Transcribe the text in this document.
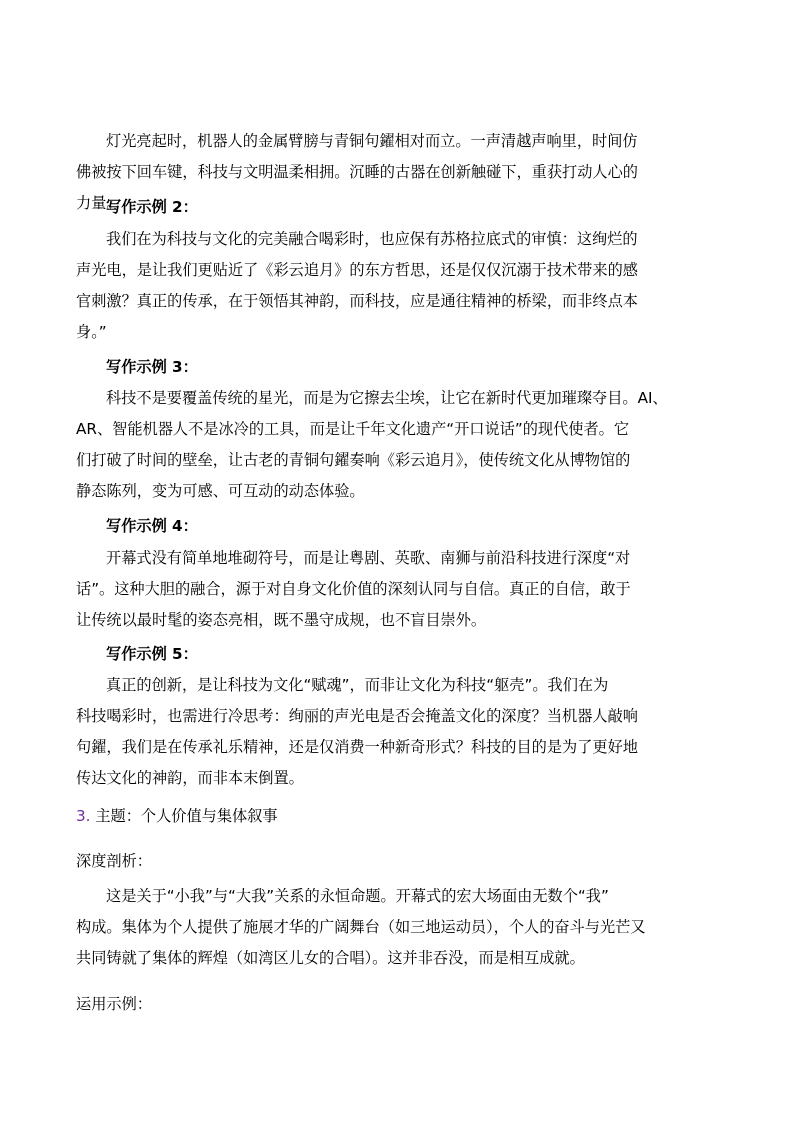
灯光亮起时，机器人的金属臂膀与青铜句鑃相对而立。一声清越声响里，时间仿
佛被按下回车键，科技与文明温柔相拥。沉睡的古器在创新触碰下，重获打动人心的
力量。
写作示例 2：
我们在为科技与文化的完美融合喝彩时，也应保有苏格拉底式的审慎：这绚烂的
声光电，是让我们更贴近了《彩云追月》的东方哲思，还是仅仅沉溺于技术带来的感
官刺激？真正的传承，在于领悟其神韵，而科技，应是通往精神的桥梁，而非终点本
身。”
写作示例 3：
科技不是要覆盖传统的星光，而是为它擦去尘埃，让它在新时代更加璀璨夺目。AI、
AR、智能机器人不是冰冷的工具，而是让千年文化遗产“开口说话”的现代使者。它
们打破了时间的壁垒，让古老的青铜句鑃奏响《彩云追月》，使传统文化从博物馆的
静态陈列，变为可感、可互动的动态体验。
写作示例 4：
开幕式没有简单地堆砌符号，而是让粤剧、英歌、南狮与前沿科技进行深度“对
话”。这种大胆的融合，源于对自身文化价值的深刻认同与自信。真正的自信，敢于
让传统以最时髦的姿态亮相，既不墨守成规，也不盲目崇外。
写作示例 5：
真正的创新，是让科技为文化“赋魂”，而非让文化为科技“躯壳”。我们在为
科技喝彩时，也需进行冷思考：绚丽的声光电是否会掩盖文化的深度？当机器人敲响
句鑃，我们是在传承礼乐精神，还是仅消费一种新奇形式？科技的目的是为了更好地
传达文化的神韵，而非本末倒置。
3. 主题：个人价值与集体叙事
深度剖析：
这是关于“小我”与“大我”关系的永恒命题。开幕式的宏大场面由无数个“我”
构成。集体为个人提供了施展才华的广阔舞台（如三地运动员），个人的奋斗与光芒又
共同铸就了集体的辉煌（如湾区儿女的合唱）。这并非吞没，而是相互成就。
运用示例：
